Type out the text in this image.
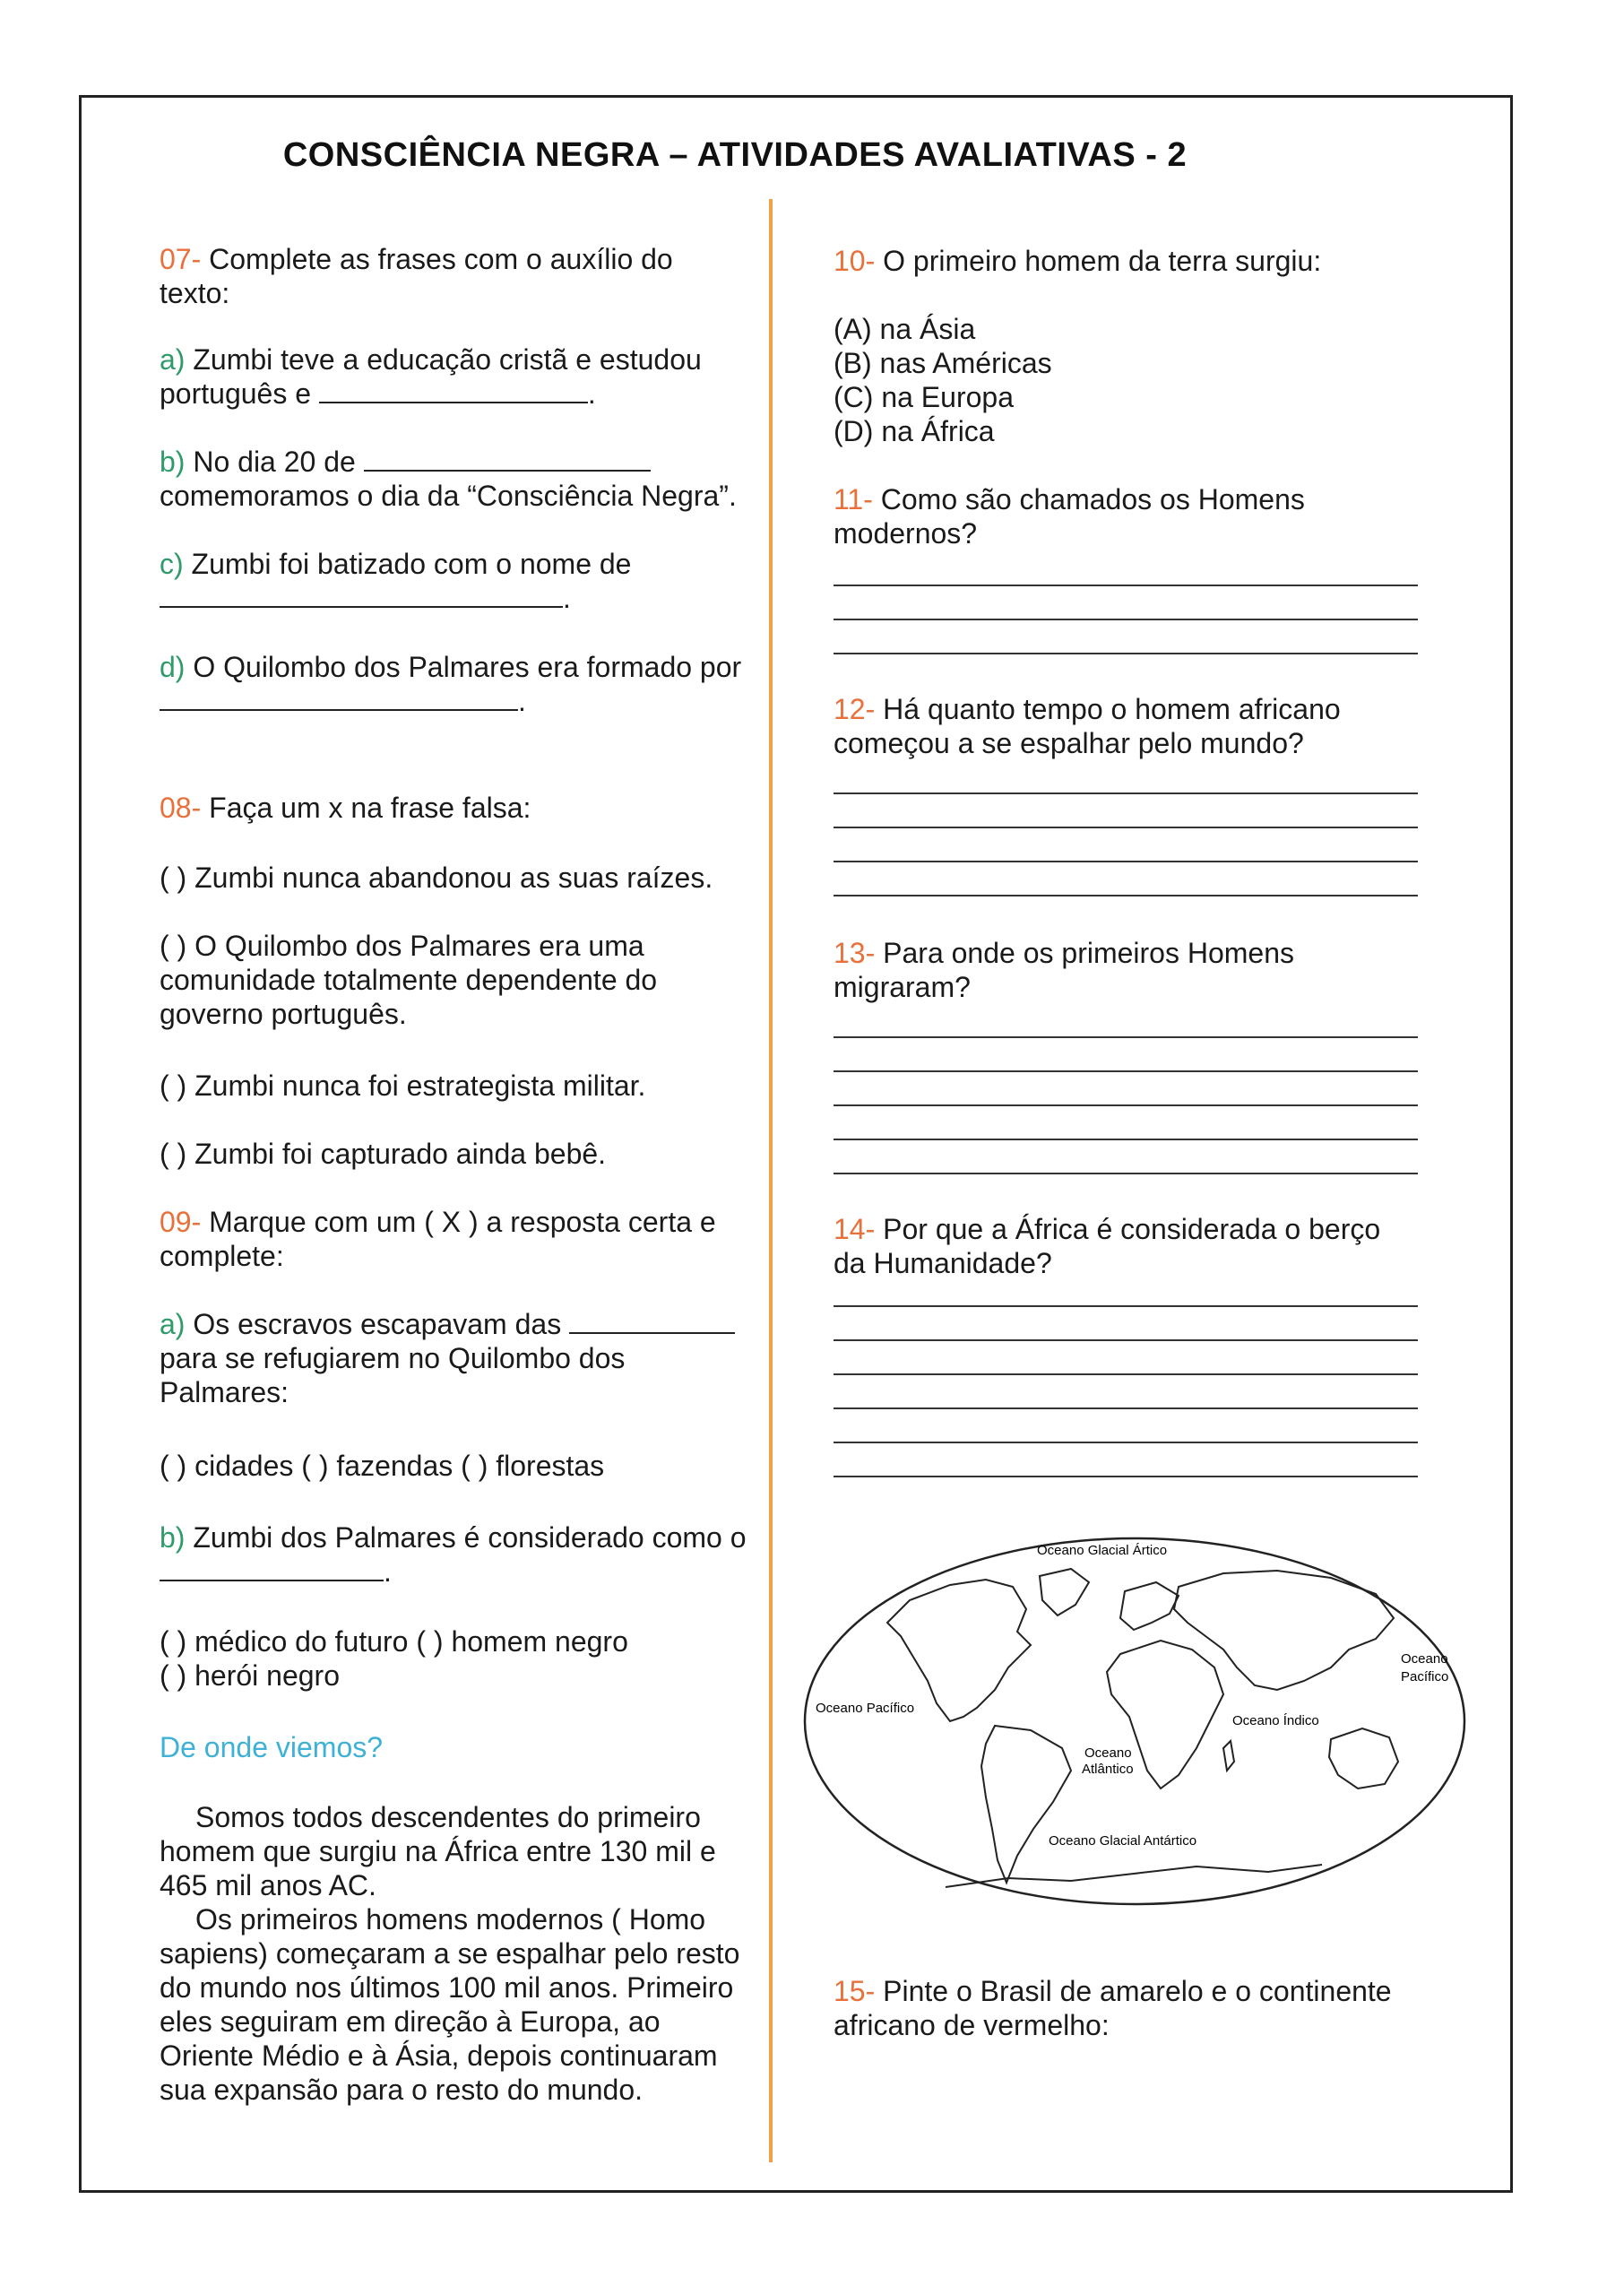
CONSCIÊNCIA NEGRA – ATIVIDADES AVALIATIVAS - 2
07- Complete as frases com o auxílio do texto:
a) Zumbi teve a educação cristã e estudou português e	.
b) No dia 20 de
comemoramos o dia da “Consciência Negra”.
c) Zumbi foi batizado com o nome de
.
d) O Quilombo dos Palmares era formado por
.
08- Faça um x na frase falsa:
( ) Zumbi nunca abandonou as suas raízes.
( ) O Quilombo dos Palmares era uma comunidade totalmente dependente do governo português.
( ) Zumbi nunca foi estrategista militar.
( ) Zumbi foi capturado ainda bebê.
09- Marque com um ( X ) a resposta certa e complete:
a) Os escravos escapavam das
para se refugiarem no Quilombo dos Palmares:
( ) cidades ( ) fazendas ( ) florestas
b) Zumbi dos Palmares é considerado como o .
( ) médico do futuro ( ) homem negro
( ) herói negro
De onde viemos?

Somos todos descendentes do primeiro homem que surgiu na África entre 130 mil e 465 mil anos AC.

Os primeiros homens modernos ( Homo sapiens) começaram a se espalhar pelo resto do mundo nos últimos 100 mil anos. Primeiro eles seguiram em direção à Europa, ao Oriente Médio e à Ásia, depois continuaram sua expansão para o resto do mundo.

10- O primeiro homem da terra surgiu:
(A) na Ásia
(B) nas Américas
(C) na Europa
(D) na África
11- Como são chamados os Homens modernos?
12- Há quanto tempo o homem africano começou a se espalhar pelo mundo?
13- Para onde os primeiros Homens migraram?
14- Por que a África é considerada o berço da Humanidade?
15- Pinte o Brasil de amarelo e o continente africano de vermelho:
Oceano Glacial Ártico
Oceano
Pacífico
Oceano Pacífico
Oceano
Atlântico
Oceano Índico
Oceano Glacial Antártico
